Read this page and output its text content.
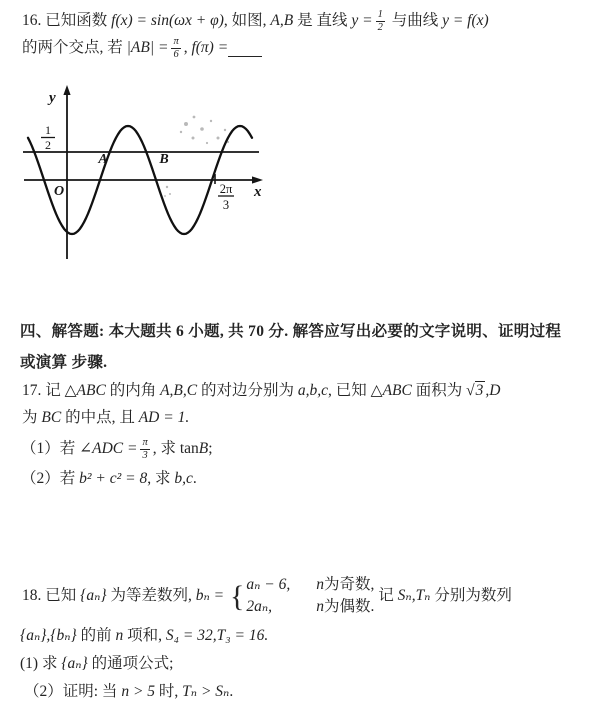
16. 已知函数 f(x) = sin(ωx + φ) , 如图, A,B 是 直线 $y = \frac{1}{2}$ 与曲线 y = f(x)
的两个交点, 若 $|AB| = \frac{\pi}{6}$ , f(π) =
y
x
O
1
2
A	B
2π
3
四、解答题: 本大题共 6 小题, 共 70 分. 解答应写出必要的文字说明、证明过程
或演算 步骤.
17. 记 △ ABC 的内角 A,B,C 的对边分别为 a,b,c , 已知 △ ABC 面积为 √3 ,D
为 BC 的中点, 且 AD = 1.
（1）若 ∠ADC = $\frac{\pi}{3}$ , 求 tan B ;
（2）若 b² + c² = 8 , 求 b,c .
18. 已知 {aₙ} 为等差数列, bₙ = { aₙ − 6, n 为奇数,
2aₙ,	n 为偶数.
记 Sₙ,Tₙ 分别为数列
{aₙ},{bₙ} 的前 n 项和, S₄ = 32,T₃ = 16.
(1) 求 {aₙ} 的通项公式;
（2）证明: 当 n > 5 时, Tₙ > Sₙ .
